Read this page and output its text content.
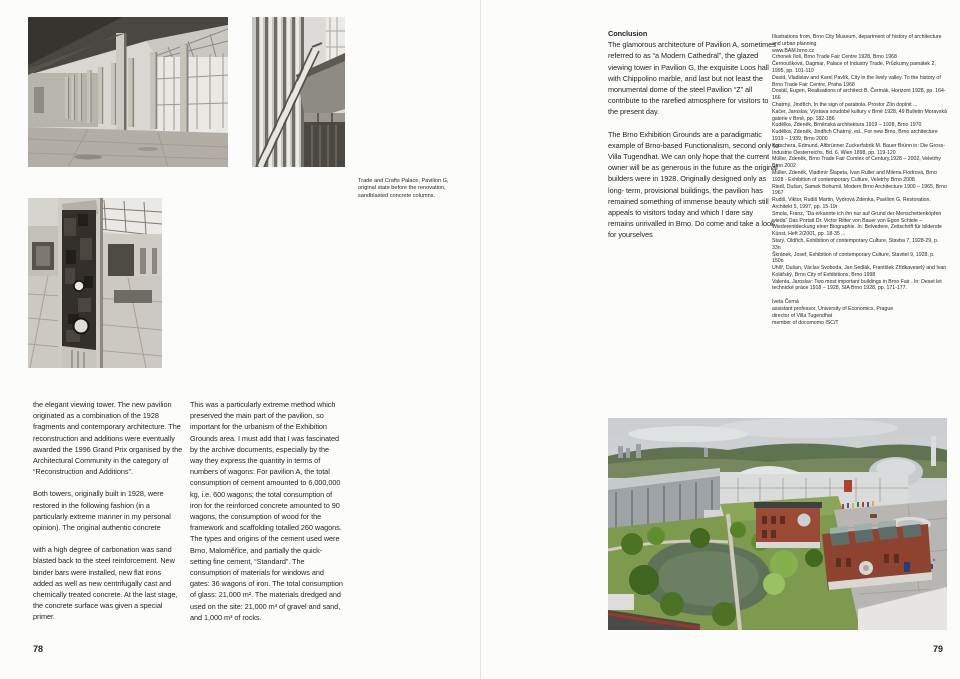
Trade and Crafts Palace, Pavilion G, original state before the renovation, sandblasted concrete columns.

the elegant viewing tower. The new pavilion originated as a combination of the 1928 fragments and contemporary architecture. The reconstruction and additions were eventually awarded the 1996 Grand Prix organised by the Architectural Community in the category of “Reconstruction and Additions”.

Both towers, originally built in 1928, were restored in the following fashion (in a particularly extreme manner in my personal opinion). The original authentic concrete

with a high degree of carbonation was sand blasted back to the steel reinforcement. New binder bars were installed, new flat irons added as well as new centrifugally cast and chemically treated concrete. At the last stage, the concrete surface was given a special primer.

This was a particularly extreme method which preserved the main part of the pavilion, so important for the urbanism of the Exhibition Grounds area. I must add that I was fascinated by the archive documents, especially by the way they express the quantity in terms of numbers of wagons: For pavilion A, the total consumption of cement amounted to 6,000,000 kg, i.e. 600 wagons; the total consumption of iron for the reinforced concrete amounted to 90 wagons, the consumption of wood for the framework and scaffolding totalled 260 wagons. The types and origins of the cement used were Brno, Maloměřice, and partially the quick-setting fine cement, “Standard”. The consumption of materials for windows and gates: 36 wagons of iron. The total consumption of glass: 21,000 m². The materials dredged and used on the site: 21,000 m³ of gravel and sand, and 1,000 m³ of rocks.

78
Conclusion

The glamorous architecture of Pavilion A, sometimes referred to as “a Modern Cathedral”, the glazed viewing tower in Pavilion G, the exquisite Loos hall with Chippolino marble, and last but not least the monumental dome of the steel Pavilion “Z” all contribute to the rarefied atmosphere for visitors to the present day.

The Brno Exhibition Grounds are a paradigmatic example of Brno-based Functionalism, second only to Villa Tugendhat. We can only hope that the current owner will be as generous in the future as the original builders were in 1928. Originally designed only as long- term, provisional buildings, the pavilion has remained something of immense beauty which still appeals to visitors today and which I dare say remains unrivalled in Brno. Do come and take a look for yourselves

Illustrations from, Brno City Museum, department of history of architecture and urban planning

www.BAM.brno.cz

Crhonek Iloš, Brno Trade Fair Centre 1928, Brno 1968

Černoušková, Dagmar, Palace of Industry Trade, Průzkumy památek 2, 1995, pp. 101-110

David, Vladislav and Karel Pavlík, City in the lively valley. To the history of Brno Trade Fair Centre, Praha 1968

Dostál, Eugen, Realisations of architect B. Čermák, Horizont 1928, pp. 164-166

Chatrný, Jindřich, In the sign of parabola. Prostor Zlín doplnit ...

Kačer, Jaroslav, Výstava soudobé kultury v Brně 1928, 49 Bulletin Moravská galerie v Brně, pp. 182-186

Kudělka, Zdeněk, Brněnská architektura 1919 – 1928, Brno 1970

Kudělka, Zdeněk, Jindřich Chatrný, ed., For new Brno, Brno architecture 1919 – 1939, Brno 2000

Kutschera, Edmund, Altbrünner Zuckerfabrik M. Bauer Brünn in: Die Gross-Industrie Oesterreichs, Bd. 6, Wien 1898, pp. 119-120

Müller, Zdeněk, Brno Trade Fair Comlex of Century,1928 – 2002, Veletrhy Brno 2002

Müller, Zdeněk, Vladimír Šlapeta, Ivan Ruller and Milena Flodrová, Brno 1928 - Exhibition of contemporary Culture, Veletrhy Brno 2008

Riedl, Dušan, Samek Bohumil, Modern Brno Architecture 1900 – 1965, Brno 1967

Rudiš, Viktor, Rudiš Martin, Vydrová Zdenka, Pavilion G. Restoration, Architekt 5, 1997, pp. 15-19r

Smola, Franz, “Da erkannte ich ihn nur auf Grund der Menschettenköpfen wieda” Das Portait Dr. Victor Ritter von Bauer von Egon Schiele – Wiederentdeckung einer Biographie. In: Belvedere, Zeitschrift für bildende Künst, Heft 2/2001, pp. 18-35 ...

Starý, Oldřich, Exhibition of contemporary Culture, Stavba 7, 1928-29, p. 33n

Škránek, Josef, Exhibition of contemporary Culture, Stavitel 9, 1928, p. 150n

Uhlíř, Dušan, Václav Svoboda, Jan Sedlák, František Zřídkaveselý and Ivan Kolářský, Brno City of Exhibitions, Brno 1998

Valenta, Jaroslav: Two most important buildings in Brno Fair . In: Deset let technické práce 1918 – 1928, SIA Brno 1928, pp. 171-177.

Iveta Černá

assistant professor, University of Economics, Prague

director of Villa Tugendhat

member of docomomo ISC/T

79
